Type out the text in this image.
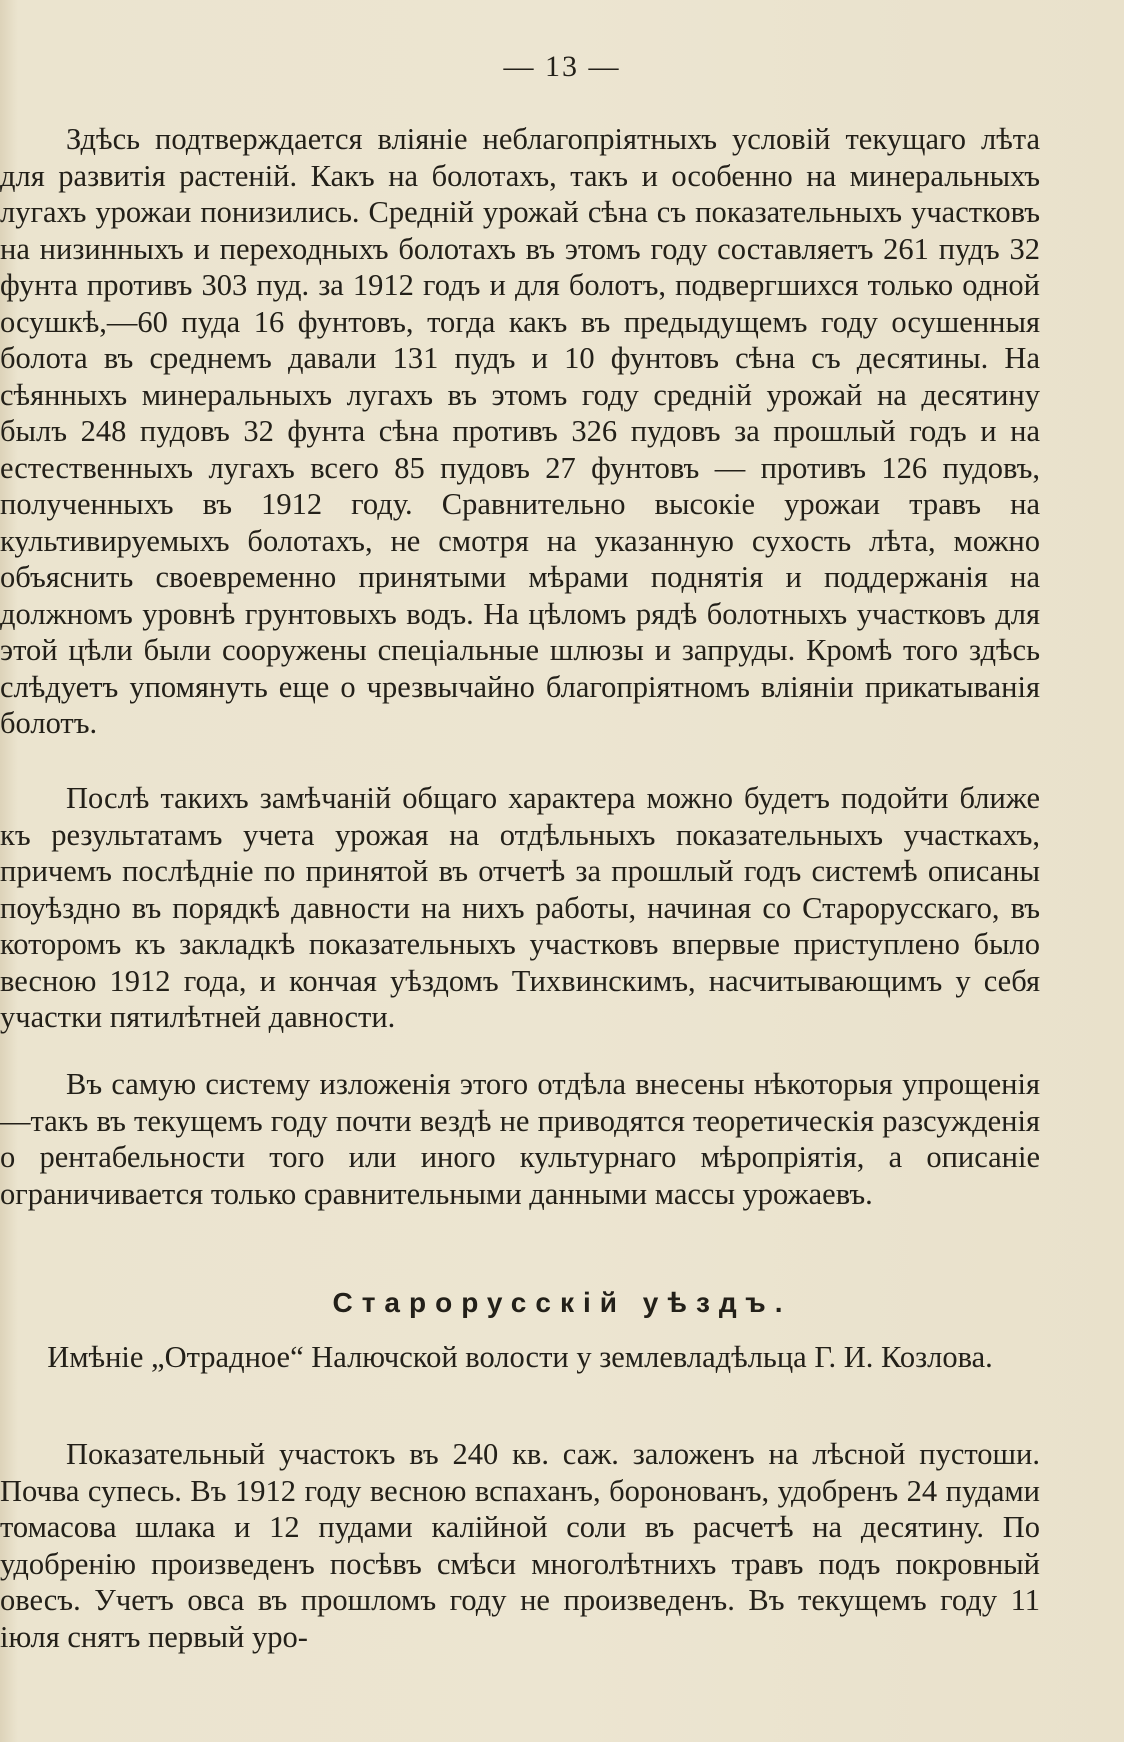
— 13 —

Здѣсь подтверждается вліяніе неблагопріятныхъ условій текущаго лѣта для развитія растеній. Какъ на болотахъ, такъ и особенно на минеральныхъ лугахъ урожаи понизились. Средній урожай сѣна съ показательныхъ участковъ на низинныхъ и переходныхъ болотахъ въ этомъ году составляетъ 261 пудъ 32 фунта противъ 303 пуд. за 1912 годъ и для болотъ, подвергшихся только одной осушкѣ,—60 пуда 16 фунтовъ, тогда какъ въ предыдущемъ году осушенныя болота въ среднемъ давали 131 пудъ и 10 фунтовъ сѣна съ десятины. На сѣянныхъ минеральныхъ лугахъ въ этомъ году средній урожай на десятину былъ 248 пудовъ 32 фунта сѣна противъ 326 пудовъ за прошлый годъ и на естественныхъ лугахъ всего 85 пудовъ 27 фунтовъ — противъ 126 пудовъ, полученныхъ въ 1912 году. Сравнительно высокіе урожаи травъ на культивируемыхъ болотахъ, не смотря на указанную сухость лѣта, можно объяснить своевременно принятыми мѣрами поднятія и поддержанія на должномъ уровнѣ грунтовыхъ водъ. На цѣломъ рядѣ болотныхъ участковъ для этой цѣли были сооружены спеціальные шлюзы и запруды. Кромѣ того здѣсь слѣдуетъ упомянуть еще о чрезвычайно благопріятномъ вліяніи прикатыванія болотъ.

Послѣ такихъ замѣчаній общаго характера можно будетъ подойти ближе къ результатамъ учета урожая на отдѣльныхъ показательныхъ участкахъ, причемъ послѣдніе по принятой въ отчетѣ за прошлый годъ системѣ описаны поуѣздно въ порядкѣ давности на нихъ работы, начиная со Старорусскаго, въ которомъ къ закладкѣ показательныхъ участковъ впервые приступлено было весною 1912 года, и кончая уѣздомъ Тихвинскимъ, насчитывающимъ у себя участки пятилѣтней давности.

Въ самую систему изложенія этого отдѣла внесены нѣкоторыя упрощенія—такъ въ текущемъ году почти вездѣ не приводятся теоретическія разсужденія о рентабельности того или иного культурнаго мѣропріятія, а описаніе ограничивается только сравнительными данными массы урожаевъ.

Старорусскій уѣздъ.

Имѣніе „Отрадное“ Налючской волости у землевладѣльца Г. И. Козлова.

Показательный участокъ въ 240 кв. саж. заложенъ на лѣсной пустоши. Почва супесь. Въ 1912 году весною вспаханъ, боронованъ, удобренъ 24 пудами томасова шлака и 12 пудами калійной соли въ расчетѣ на десятину. По удобренію произведенъ посѣвъ смѣси многолѣтнихъ травъ подъ покровный овесъ. Учетъ овса въ прошломъ году не произведенъ. Въ текущемъ году 11 іюля снятъ первый уро-
